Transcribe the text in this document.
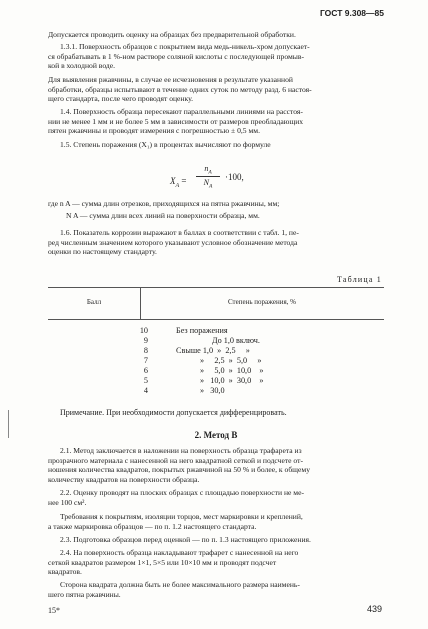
ГОСТ 9.308—85
Допускается проводить оценку на образцах без предварительной обработки.
1.3.1. Поверхность образцов с покрытием вида медь-никель-хром допускает-
ся обрабатывать в 1 %-ном растворе соляной кислоты с последующей промыв-
кой в холодной воде.
Для выявления ржавчины, в случае ее исчезновения в результате указанной
обработки, образцы испытывают в течение одних суток по методу разд. 6 настоя-
щего стандарта, после чего проводят оценку.
1.4. Поверхность образца пересекают параллельными линиями на расстоя-
нии не менее 1 мм и не более 5 мм в зависимости от размеров преобладающих
пятен ржавчины и проводят измерения с погрешностью ± 0,5 мм.
1.5. Степень поражения (X₁) в процентах вычисляют по формуле
$X_A$ =
$n_A$
$N_A$
·100,
где n A — сумма длин отрезков, приходящихся на пятна ржавчины, мм;
N A — сумма длин всех линий на поверхности образца, мм.
1.6. Показатель коррозии выражают в баллах в соответствии с табл. 1, пе-
ред численным значением которого указывают условное обозначение метода
оценки по настоящему стандарту.
Таблица 1
Балл	Степень поражения, %
10	Без поражения
9	До 1,0 включ.
8	Свыше 1,0  »  2,5     »
7	»     2,5  »  5,0     »
6	»     5,0  »  10,0    »
5	»   10,0  »  30,0    »
4	»   30,0
Примечание. При необходимости допускается дифференцировать.
2. Метод В
2.1. Метод заключается в наложении на поверхность образца трафарета из
прозрачного материала с нанесенной на него квадратной сеткой и подсчете от-
ношения количества квадратов, покрытых ржавчиной на 50 % и более, к общему
количеству квадратов на поверхности образца.
2.2. Оценку проводят на плоских образцах с площадью поверхности не ме-
нее 100 см².
Требования к покрытиям, изоляции торцов, мест маркировки и креплений,
а также маркировка образцов — по п. 1.2 настоящего стандарта.
2.3. Подготовка образцов перед оценкой — по п. 1.3 настоящего приложения.
2.4. На поверхность образца накладывают трафарет с нанесенной на него
сеткой квадратов размером 1×1, 5×5 или 10×10 мм и проводят подсчет
квадратов.
Сторона квадрата должна быть не более максимального размера наимень-
шего пятна ржавчины.
15*	439
